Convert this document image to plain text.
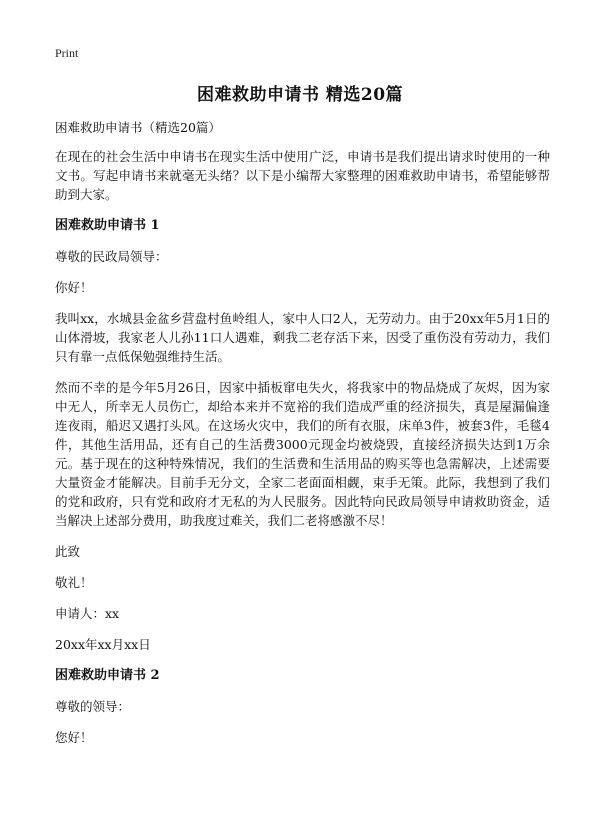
Print
困难救助申请书 精选20篇

困难救助申请书（精选20篇）

在现在的社会生活中申请书在现实生活中使用广泛，申请书是我们提出请求时使用的一种文书。写起申请书来就毫无头绪？以下是小编帮大家整理的困难救助申请书，希望能够帮助到大家。

困难救助申请书 1

尊敬的民政局领导：

你好！

我叫xx，水城县金盆乡营盘村鱼岭组人，家中人口2人，无劳动力。由于20xx年5月1日的山体滑坡，我家老人儿孙11口人遇难，剩我二老存活下来，因受了重伤没有劳动力，我们只有靠一点低保勉强维持生活。

然而不幸的是今年5月26日，因家中插板窜电失火，将我家中的物品烧成了灰烬，因为家中无人，所幸无人员伤亡，却给本来并不宽裕的我们造成严重的经济损失，真是屋漏偏逢连夜雨，船迟又遇打头风。在这场火灾中，我们的所有衣服，床单3件，被套3件，毛毯4件，其他生活用品，还有自己的生活费3000元现金均被烧毁，直接经济损失达到1万余元。基于现在的这种特殊情况，我们的生活费和生活用品的购买等也急需解决，上述需要大量资金才能解决。目前手无分文，全家二老面面相觑，束手无策。此际，我想到了我们的党和政府，只有党和政府才无私的为人民服务。因此特向民政局领导申请救助资金，适当解决上述部分费用，助我度过难关，我们二老将感激不尽！

此致

敬礼！

申请人：xx

20xx年xx月xx日

困难救助申请书 2

尊敬的领导：

您好！
